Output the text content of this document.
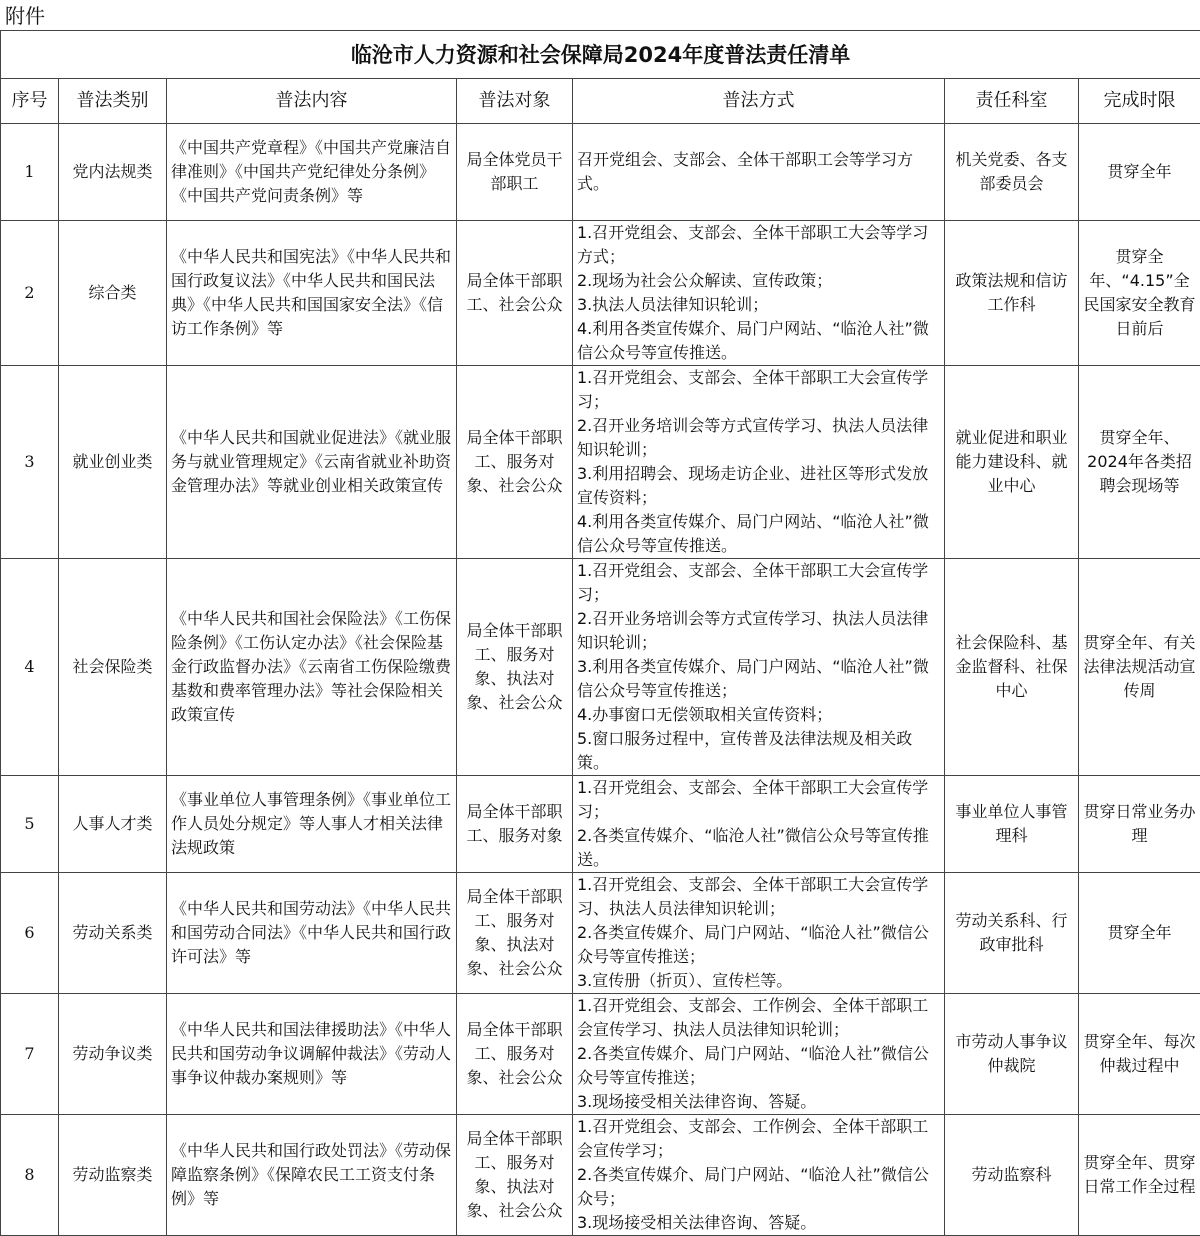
附件
临沧市人力资源和社会保障局2024年度普法责任清单						
序号	普法类别	普法内容	普法对象	普法方式	责任科室	完成时限
1	党内法规类	《中国共产党章程》《中国共产党廉洁自律准则》《中国共产党纪律处分条例》《中国共产党问责条例》等	局全体党员干部职工	召开党组会、支部会、全体干部职工会等学习方式。	机关党委、各支部委员会	贯穿全年
2	综合类	《中华人民共和国宪法》《中华人民共和国行政复议法》《中华人民共和国民法典》《中华人民共和国国家安全法》《信访工作条例》等	局全体干部职工、社会公众	1.召开党组会、支部会、全体干部职工大会等学习方式；
2.现场为社会公众解读、宣传政策；
3.执法人员法律知识轮训；
4.利用各类宣传媒介、局门户网站、“临沧人社”微信公众号等宣传推送。	政策法规和信访工作科	贯穿全年、“4.15”全民国家安全教育日前后
3	就业创业类	《中华人民共和国就业促进法》《就业服务与就业管理规定》《云南省就业补助资金管理办法》等就业创业相关政策宣传	局全体干部职工、服务对象、社会公众	1.召开党组会、支部会、全体干部职工大会宣传学习；
2.召开业务培训会等方式宣传学习、执法人员法律知识轮训；
3.利用招聘会、现场走访企业、进社区等形式发放宣传资料；
4.利用各类宣传媒介、局门户网站、“临沧人社”微信公众号等宣传推送。	就业促进和职业能力建设科、就业中心	贯穿全年、2024年各类招聘会现场等
4	社会保险类	《中华人民共和国社会保险法》《工伤保险条例》《工伤认定办法》《社会保险基金行政监督办法》《云南省工伤保险缴费基数和费率管理办法》等社会保险相关政策宣传	局全体干部职工、服务对象、执法对象、社会公众	1.召开党组会、支部会、全体干部职工大会宣传学习；
2.召开业务培训会等方式宣传学习、执法人员法律知识轮训；
3.利用各类宣传媒介、局门户网站、“临沧人社”微信公众号等宣传推送；
4.办事窗口无偿领取相关宣传资料；
5.窗口服务过程中，宣传普及法律法规及相关政策。	社会保险科、基金监督科、社保中心	贯穿全年、有关法律法规活动宣传周
5	人事人才类	《事业单位人事管理条例》《事业单位工作人员处分规定》等人事人才相关法律法规政策	局全体干部职工、服务对象	1.召开党组会、支部会、全体干部职工大会宣传学习；
2.各类宣传媒介、“临沧人社”微信公众号等宣传推送。	事业单位人事管理科	贯穿日常业务办理
6	劳动关系类	《中华人民共和国劳动法》《中华人民共和国劳动合同法》《中华人民共和国行政许可法》等	局全体干部职工、服务对象、执法对象、社会公众	1.召开党组会、支部会、全体干部职工大会宣传学习、执法人员法律知识轮训；
2.各类宣传媒介、局门户网站、“临沧人社”微信公众号等宣传推送；
3.宣传册（折页）、宣传栏等。	劳动关系科、行政审批科	贯穿全年
7	劳动争议类	《中华人民共和国法律援助法》《中华人民共和国劳动争议调解仲裁法》《劳动人事争议仲裁办案规则》等	局全体干部职工、服务对象、社会公众	1.召开党组会、支部会、工作例会、全体干部职工会宣传学习、执法人员法律知识轮训；
2.各类宣传媒介、局门户网站、“临沧人社”微信公众号等宣传推送；
3.现场接受相关法律咨询、答疑。	市劳动人事争议仲裁院	贯穿全年、每次仲裁过程中
8	劳动监察类	《中华人民共和国行政处罚法》《劳动保障监察条例》《保障农民工工资支付条例》等	局全体干部职工、服务对象、执法对象、社会公众	1.召开党组会、支部会、工作例会、全体干部职工会宣传学习；
2.各类宣传媒介、局门户网站、“临沧人社”微信公众号；
3.现场接受相关法律咨询、答疑。	劳动监察科	贯穿全年、贯穿日常工作全过程
